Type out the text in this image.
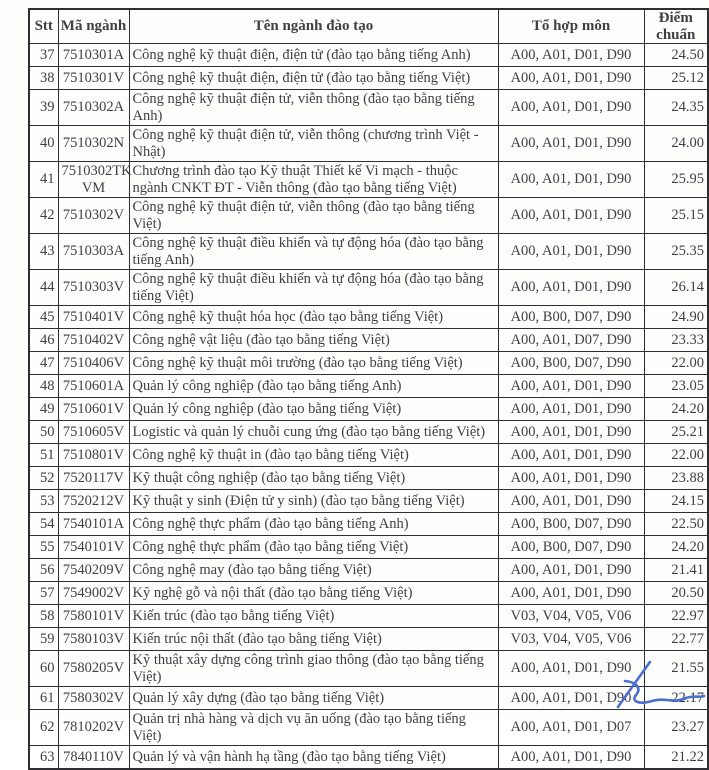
Stt	Mã ngành	Tên ngành đào tạo	Tổ hợp môn	Điểm chuẩn
37	7510301A	Công nghệ kỹ thuật điện, điện tử (đào tạo bằng tiếng Anh)	A00, A01, D01, D90	24.50
38	7510301V	Công nghệ kỹ thuật điện, điện tử (đào tạo bằng tiếng Việt)	A00, A01, D01, D90	25.12
39	7510302A	Công nghệ kỹ thuật điện tử, viễn thông (đào tạo bằng tiếng Anh)	A00, A01, D01, D90	24.35
40	7510302N	Công nghệ kỹ thuật điện tử, viễn thông (chương trình Việt - Nhật)	A00, A01, D01, D90	24.00
41	7510302TK VM	Chương trình đào tạo Kỹ thuật Thiết kế Vi mạch - thuộc ngành CNKT ĐT - Viễn thông (đào tạo bằng tiếng Việt)	A00, A01, D01, D90	25.95
42	7510302V	Công nghệ kỹ thuật điện tử, viễn thông (đào tạo bằng tiếng Việt)	A00, A01, D01, D90	25.15
43	7510303A	Công nghệ kỹ thuật điều khiển và tự động hóa (đào tạo bằng tiếng Anh)	A00, A01, D01, D90	25.35
44	7510303V	Công nghệ kỹ thuật điều khiển và tự động hóa (đào tạo bằng tiếng Việt)	A00, A01, D01, D90	26.14
45	7510401V	Công nghệ kỹ thuật hóa học (đào tạo bằng tiếng Việt)	A00, B00, D07, D90	24.90
46	7510402V	Công nghệ vật liệu (đào tạo bằng tiếng Việt)	A00, A01, D07, D90	23.33
47	7510406V	Công nghệ kỹ thuật môi trường (đào tạo bằng tiếng Việt)	A00, B00, D07, D90	22.00
48	7510601A	Quản lý công nghiệp (đào tạo bằng tiếng Anh)	A00, A01, D01, D90	23.05
49	7510601V	Quản lý công nghiệp (đào tạo bằng tiếng Việt)	A00, A01, D01, D90	24.20
50	7510605V	Logistic và quản lý chuỗi cung ứng (đào tạo bằng tiếng Việt)	A00, A01, D01, D90	25.21
51	7510801V	Công nghệ kỹ thuật in (đào tạo bằng tiếng Việt)	A00, A01, D01, D90	22.00
52	7520117V	Kỹ thuật công nghiệp (đào tạo bằng tiếng Việt)	A00, A01, D01, D90	23.88
53	7520212V	Kỹ thuật y sinh (Điện tử y sinh) (đào tạo bằng tiếng Việt)	A00, A01, D01, D90	24.15
54	7540101A	Công nghệ thực phẩm (đào tạo bằng tiếng Anh)	A00, B00, D07, D90	22.50
55	7540101V	Công nghệ thực phẩm (đào tạo bằng tiếng Việt)	A00, B00, D07, D90	24.20
56	7540209V	Công nghệ may (đào tạo bằng tiếng Việt)	A00, A01, D01, D90	21.41
57	7549002V	Kỹ nghệ gỗ và nội thất (đào tạo bằng tiếng Việt)	A00, A01, D01, D90	20.50
58	7580101V	Kiến trúc (đào tạo bằng tiếng Việt)	V03, V04, V05, V06	22.97
59	7580103V	Kiến trúc nội thất (đào tạo bằng tiếng Việt)	V03, V04, V05, V06	22.77
60	7580205V	Kỹ thuật xây dựng công trình giao thông (đào tạo bằng tiếng Việt)	A00, A01, D01, D90	21.55
61	7580302V	Quản lý xây dựng (đào tạo bằng tiếng Việt)	A00, A01, D01, D90	22.17
62	7810202V	Quản trị nhà hàng và dịch vụ ăn uống (đào tạo bằng tiếng Việt)	A00, A01, D01, D07	23.27
63	7840110V	Quản lý và vận hành hạ tầng (đào tạo bằng tiếng Việt)	A00, A01, D01, D90	21.22
